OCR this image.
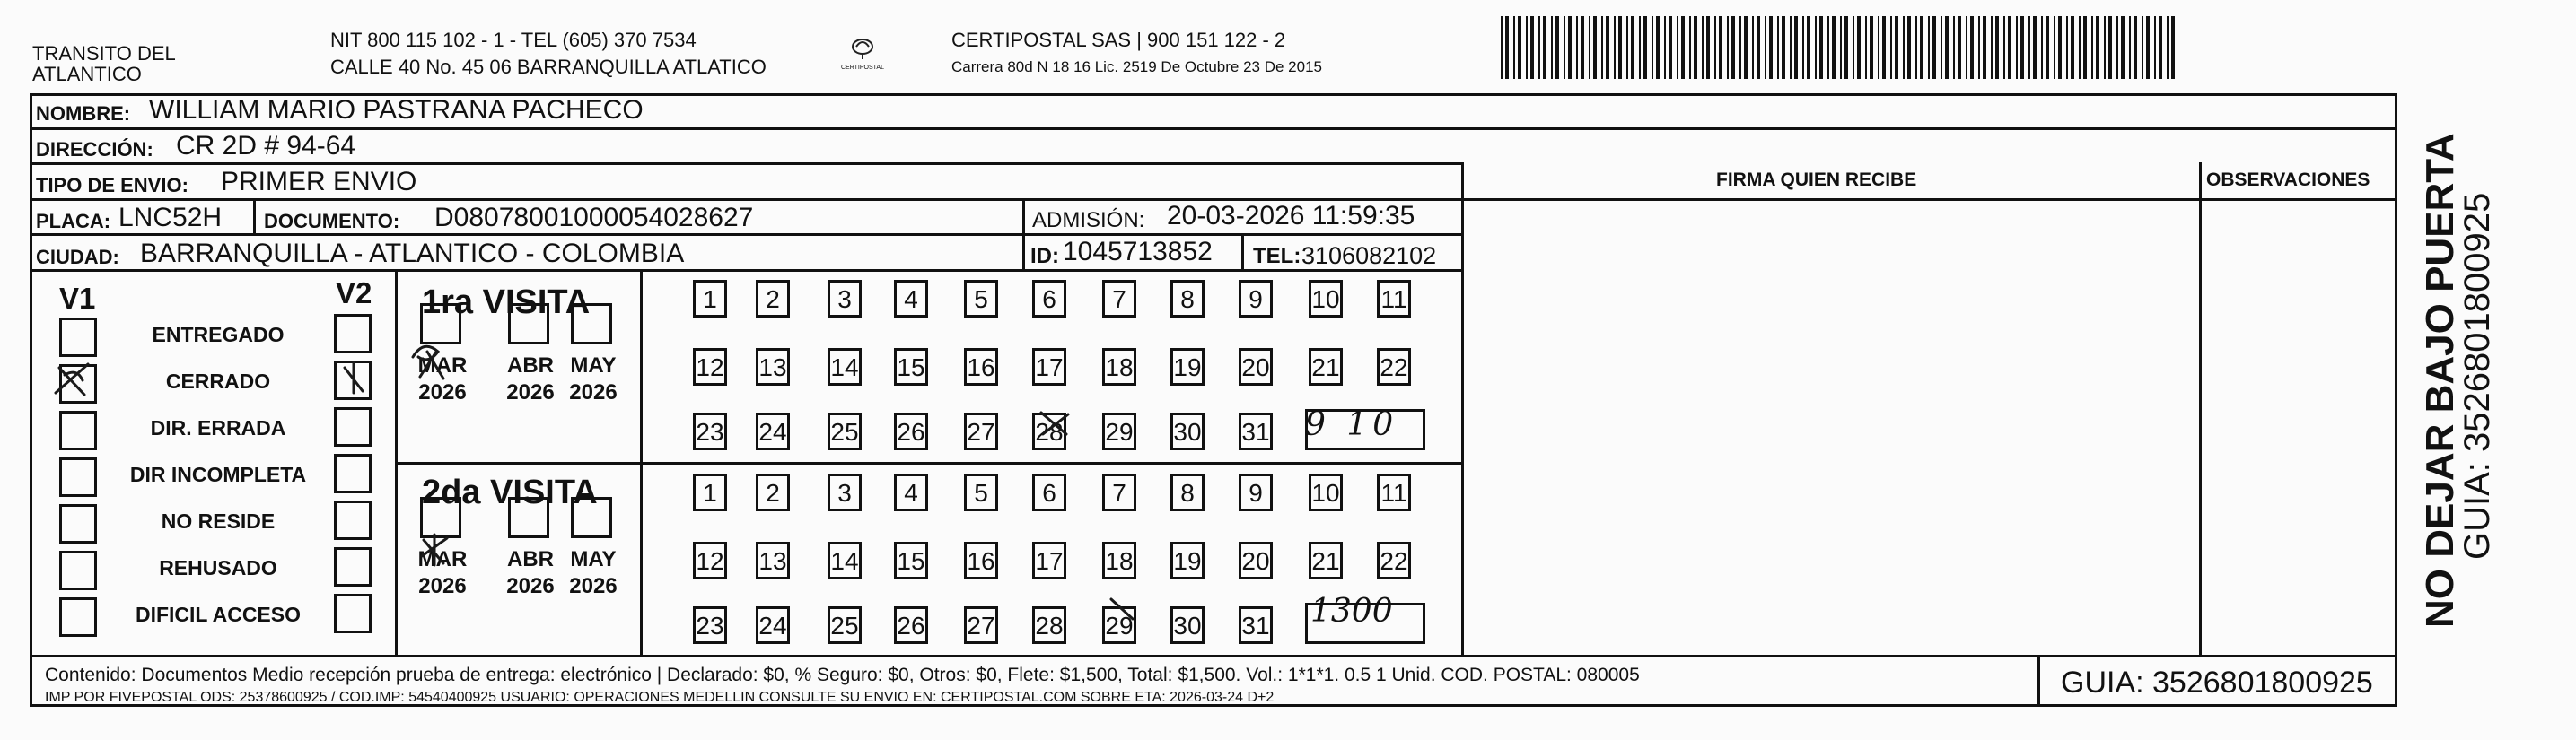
TRANSITO DEL ATLANTICO
NIT 800 115 102 - 1 - TEL (605) 370 7534
CALLE 40 No. 45 06 BARRANQUILLA ATLATICO	CERTIPOSTAL
CERTIPOSTAL SAS | 900 151 122 - 2
Carrera 80d N 18 16 Lic. 2519 De Octubre 23 De 2015
NOMBRE: WILLIAM MARIO PASTRANA PACHECO
DIRECCIÓN: CR 2D # 94-64
TIPO DE ENVIO: PRIMER ENVIO	FIRMA QUIEN RECIBE	OBSERVACIONES
PLACA: LNC52H DOCUMENTO: D08078001000054028627	ADMISIÓN: 20-03-2026 11:59:35
CIUDAD: BARRANQUILLA - ATLANTICO - COLOMBIA	ID: 1045713852 TEL: 3106082102
V1	V2
ENTREGADO
CERRADO
DIR. ERRADA
DIR INCOMPLETA
NO RESIDE
REHUSADO
DIFICIL ACCESO
1ra VISITA
2da VISITA
1	2	3	4	5	6	7	8	9	10 11
12 13 14 15 16 17 18 19 20 21 22
23 24 25 26 27 28 29 30 31
MAR
2026
ABR
2026
MAY
2026
1	2	3	4	5	6	7	8	9	10 11
12 13 14 15 16 17 18 19 20 21 22
23 24 25 26 27 28 29 30 31
MAR
2026
ABR
2026
MAY
2026
9 10
1300
Contenido: Documentos Medio recepción prueba de entrega: electrónico | Declarado: $0, % Seguro: $0, Otros: $0, Flete: $1,500, Total: $1,500. Vol.: 1*1*1. 0.5 1 Unid. COD. POSTAL: 080005
IMP POR FIVEPOSTAL ODS: 25378600925 / COD.IMP: 54540400925 USUARIO: OPERACIONES MEDELLIN CONSULTE SU ENVIO EN: CERTIPOSTAL.COM SOBRE ETA: 2026-03-24 D+2	GUIA: 3526801800925
NO DEJAR BAJO PUERTA
GUIA: 3526801800925
